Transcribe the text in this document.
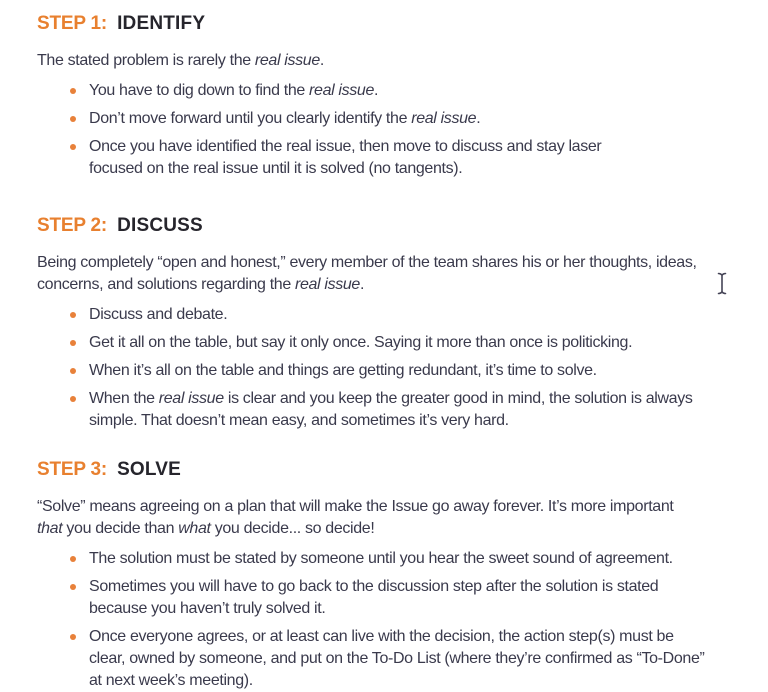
STEP 1: IDENTIFY

The stated problem is rarely the real issue.

You have to dig down to find the real issue.
Don’t move forward until you clearly identify the real issue.
Once you have identified the real issue, then move to discuss and stay laser
focused on the real issue until it is solved (no tangents).
STEP 2: DISCUSS

Being completely “open and honest,” every member of the team shares his or her thoughts, ideas,
concerns, and solutions regarding the real issue.

Discuss and debate.
Get it all on the table, but say it only once. Saying it more than once is politicking.
When it’s all on the table and things are getting redundant, it’s time to solve.
When the real issue is clear and you keep the greater good in mind, the solution is always
simple. That doesn’t mean easy, and sometimes it’s very hard.
STEP 3: SOLVE

“Solve” means agreeing on a plan that will make the Issue go away forever. It’s more important
that you decide than what you decide... so decide!

The solution must be stated by someone until you hear the sweet sound of agreement.
Sometimes you will have to go back to the discussion step after the solution is stated
because you haven’t truly solved it.
Once everyone agrees, or at least can live with the decision, the action step(s) must be
clear, owned by someone, and put on the To-Do List (where they’re confirmed as “To-Done”
at next week’s meeting).
